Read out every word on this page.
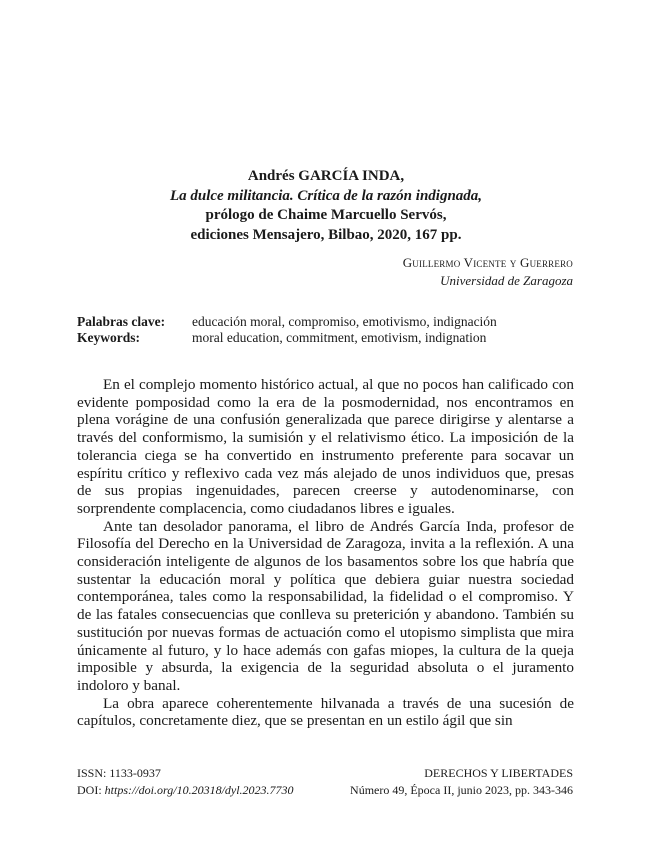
Andrés GARCÍA INDA,
La dulce militancia. Crítica de la razón indignada,
prólogo de Chaime Marcuello Servós,
ediciones Mensajero, Bilbao, 2020, 167 pp.
Guillermo Vicente y Guerrero
Universidad de Zaragoza
Palabras clave:	educación moral, compromiso, emotivismo, indignación
Keywords:	moral education, commitment, emotivism, indignation

En el complejo momento histórico actual, al que no pocos han calificado con evidente pomposidad como la era de la posmodernidad, nos encontramos en plena vorágine de una confusión generalizada que parece dirigirse y alentarse a través del conformismo, la sumisión y el relativismo ético. La imposición de la tolerancia ciega se ha convertido en instrumento preferente para socavar un espíritu crítico y reflexivo cada vez más alejado de unos individuos que, presas de sus propias ingenuidades, parecen creerse y autodenominarse, con sorprendente complacencia, como ciudadanos libres e iguales.

Ante tan desolador panorama, el libro de Andrés García Inda, profesor de Filosofía del Derecho en la Universidad de Zaragoza, invita a la reflexión. A una consideración inteligente de algunos de los basamentos sobre los que habría que sustentar la educación moral y política que debiera guiar nuestra sociedad contemporánea, tales como la responsabilidad, la fidelidad o el compromiso. Y de las fatales consecuencias que conlleva su preterición y abandono. También su sustitución por nuevas formas de actuación como el utopismo simplista que mira únicamente al futuro, y lo hace además con gafas miopes, la cultura de la queja imposible y absurda, la exigencia de la seguridad absoluta o el juramento indoloro y banal.

La obra aparece coherentemente hilvanada a través de una sucesión de capítulos, concretamente diez, que se presentan en un estilo ágil que sin

ISSN: 1133-0937
DOI: https://doi.org/10.20318/dyl.2023.7730
DERECHOS Y LIBERTADES
Número 49, Época II, junio 2023, pp. 343-346
